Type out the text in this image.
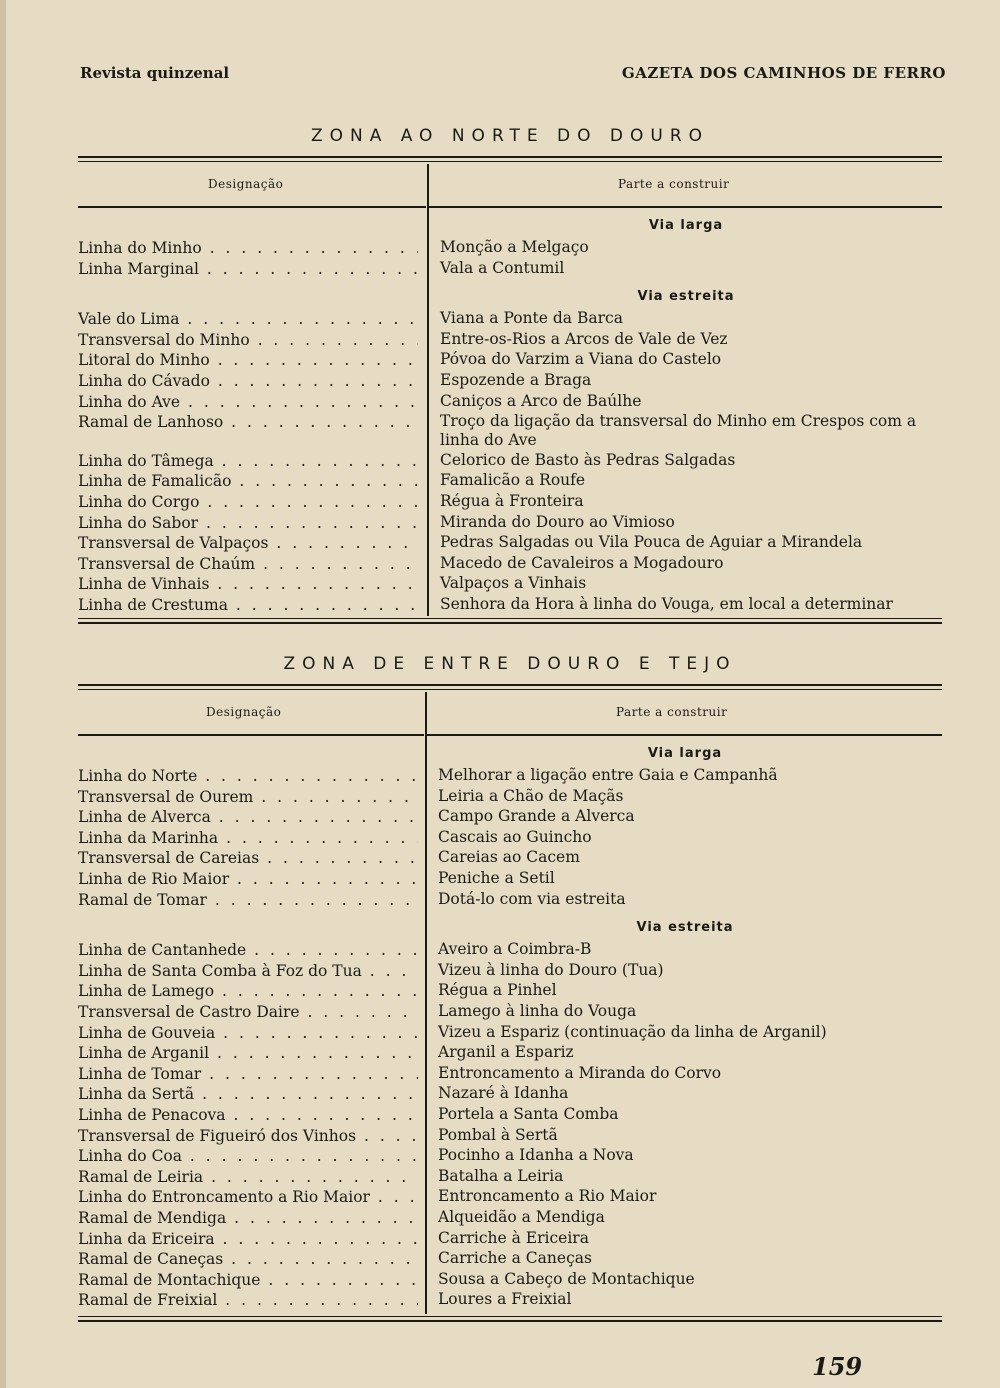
Revista quinzenal	GAZETA DOS CAMINHOS DE FERRO
ZONA AO NORTE DO DOURO
Designação	Parte a construir
Via larga
Linha do Minho . . .	Monção a Melgaço
Linha Marginal . . .	Vala a Contumil
Via estreita
Vale do Lima . . .	Viana a Ponte da Barca
Transversal do Minho . . .	Entre-os-Rios a Arcos de Vale de Vez
Litoral do Minho . . .	Póvoa do Varzim a Viana do Castelo
Linha do Cávado . . .	Espozende a Braga
Linha do Ave . . .	Caniços a Arco de Baúlhe
Ramal de Lanhoso . . .	Troço da ligação da transversal do Minho em Crespos com a linha do Ave
Linha do Tâmega . . .	Celorico de Basto às Pedras Salgadas
Linha de Famalicão . . .	Famalicão a Roufe
Linha do Corgo . . .	Régua à Fronteira
Linha do Sabor . . .	Miranda do Douro ao Vimioso
Transversal de Valpaços . . .	Pedras Salgadas ou Vila Pouca de Aguiar a Mirandela
Transversal de Chaúm . . .	Macedo de Cavaleiros a Mogadouro
Linha de Vinhais . . .	Valpaços a Vinhais
Linha de Crestuma . . .	Senhora da Hora à linha do Vouga, em local a determinar
ZONA DE ENTRE DOURO E TEJO
Designação	Parte a construir
Via larga
Linha do Norte . . .	Melhorar a ligação entre Gaia e Campanhã
Transversal de Ourem . . .	Leiria a Chão de Maçãs
Linha de Alverca . . .	Campo Grande a Alverca
Linha da Marinha . . .	Cascais ao Guincho
Transversal de Careias . . .	Careias ao Cacem
Linha de Rio Maior . . .	Peniche a Setil
Ramal de Tomar . . .	Dotá-lo com via estreita
Via estreita
Linha de Cantanhede . . .	Aveiro a Coimbra-B
Linha de Santa Comba à Foz do Tua . . .	Vizeu à linha do Douro (Tua)
Linha de Lamego . . .	Régua a Pinhel
Transversal de Castro Daire . . .	Lamego à linha do Vouga
Linha de Gouveia . . .	Vizeu a Espariz (continuação da linha de Arganil)
Linha de Arganil . . .	Arganil a Espariz
Linha de Tomar . . .	Entroncamento a Miranda do Corvo
Linha da Sertã . . .	Nazaré à Idanha
Linha de Penacova . . .	Portela a Santa Comba
Transversal de Figueiró dos Vinhos . . .	Pombal à Sertã
Linha do Coa . . .	Pocinho a Idanha a Nova
Ramal de Leiria . . .	Batalha a Leiria
Linha do Entroncamento a Rio Maior . . .	Entroncamento a Rio Maior
Ramal de Mendiga . . .	Alqueidão a Mendiga
Linha da Ericeira . . .	Carriche à Ericeira
Ramal de Caneças . . .	Carriche a Caneças
Ramal de Montachique . . .	Sousa a Cabeço de Montachique
Ramal de Freixial . . .	Loures a Freixial
159
